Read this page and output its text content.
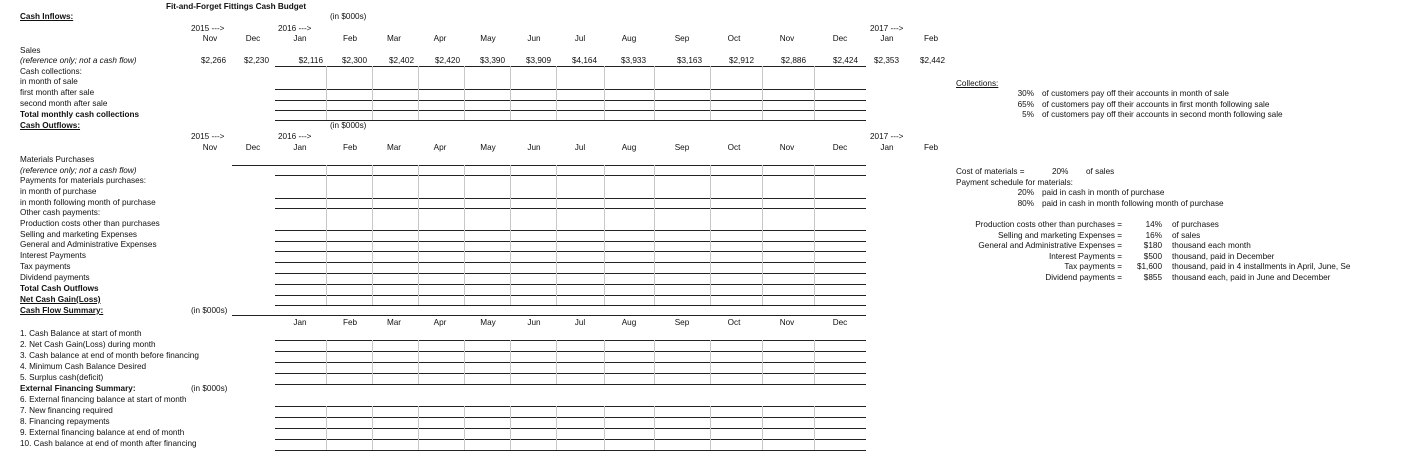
Fit-and-Forget Fittings Cash Budget
(in $000s)
Cash Inflows:
2015 --->	2016 --->	2017 --->
Nov	Dec	Jan	Feb	Mar	Apr	May	Jun	Jul	Aug	Sep	Oct	Nov	Dec	Jan	Feb
Sales
(reference only; not a cash flow)	$2,266	$2,230	$2,116	$2,300	$2,402	$2,420	$3,390	$3,909	$4,164	$3,933	$3,163	$2,912	$2,886	$2,424	$2,353	$2,442
Cash collections:
in month of sale
first month after sale
second month after sale
Total monthly cash collections
Cash Outflows:	(in $000s)
2015 --->	2016 --->	2017 --->
Nov	Dec	Jan	Feb	Mar	Apr	May	Jun	Jul	Aug	Sep	Oct	Nov	Dec	Jan	Feb
Materials Purchases
(reference only; not a cash flow)
Payments for materials purchases:
in month of purchase
in month following month of purchase
Other cash payments:
Production costs other than purchases
Selling and marketing Expenses
General and Administrative Expenses
Interest Payments
Tax payments
Dividend payments
Total Cash Outflows
Net Cash Gain(Loss)
Cash Flow Summary:	(in $000s)
Jan	Feb	Mar	Apr	May	Jun	Jul	Aug	Sep	Oct	Nov	Dec
1. Cash Balance at start of month
2. Net Cash Gain(Loss) during month
3. Cash balance at end of month before financing
4. Minimum Cash Balance Desired
5. Surplus cash(deficit)
External Financing Summary:	(in $000s)
6. External financing balance at start of month
7. New financing required
8. Financing repayments
9. External financing balance at end of month
10. Cash balance at end of month after financing
Collections:
30% of customers pay off their accounts in month of sale
65% of customers pay off their accounts in first month following sale
5% of customers pay off their accounts in second month following sale
Cost of materials =	20% of sales
Payment schedule for materials:
20% paid in cash in month of purchase
80% paid in cash in month following month of purchase
Production costs other than purchases =	14% of purchases
Selling and marketing Expenses =	16% of sales
General and Administrative Expenses =	$180 thousand each month
Interest Payments =	$500 thousand, paid in December
Tax payments =	$1,600 thousand, paid in 4 installments in April, June, Se
Dividend payments =	$855 thousand each, paid in June and December
